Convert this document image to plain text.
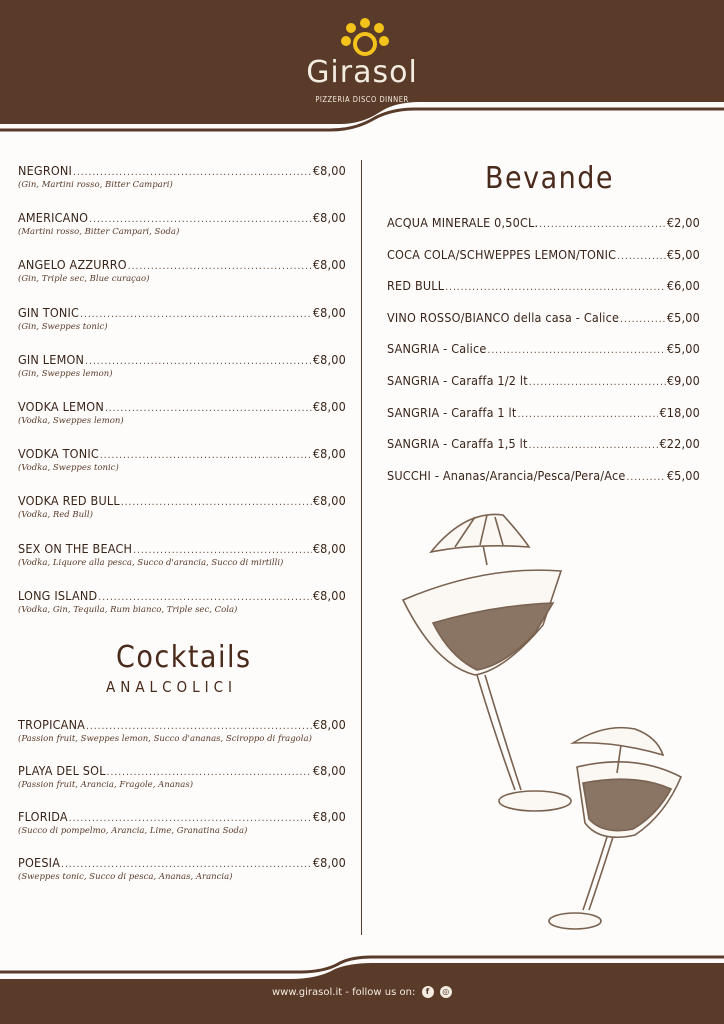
Girasol
PIZZERIA DISCO DINNER
NEGRONI .....	€8,00
(Gin, Martini rosso, Bitter Campari)
AMERICANO .....	€8,00
(Martini rosso, Bitter Campari, Soda)
ANGELO AZZURRO .....	€8,00
(Gin, Triple sec, Blue curaçao)
GIN TONIC .....	€8,00
(Gin, Sweppes tonic)
GIN LEMON .....	€8,00
(Gin, Sweppes lemon)
VODKA LEMON .....	€8,00
(Vodka, Sweppes lemon)
VODKA TONIC .....	€8,00
(Vodka, Sweppes tonic)
VODKA RED BULL .....	€8,00
(Vodka, Red Bull)
SEX ON THE BEACH .....	€8,00
(Vodka, Liquore alla pesca, Succo d'arancia, Succo di mirtilli)
LONG ISLAND .....	€8,00
(Vodka, Gin, Tequila, Rum bianco, Triple sec, Cola)
Cocktails
ANALCOLICI
TROPICANA .....	€8,00
(Passion fruit, Sweppes lemon, Succo d'ananas, Sciroppo di fragola)
PLAYA DEL SOL .....	€8,00
(Passion fruit, Arancia, Fragole, Ananas)
FLORIDA .....	€8,00
(Succo di pompelmo, Arancia, Lime, Granatina Soda)
POESIA .....	€8,00
(Sweppes tonic, Succo di pesca, Ananas, Arancia)
Bevande
ACQUA MINERALE 0,50CL. .....	€2,00
COCA COLA/SCHWEPPES LEMON/TONIC .....	€5,00
RED BULL .....	€6,00
VINO ROSSO/BIANCO della casa - Calice .....	€5,00
SANGRIA - Calice .....	€5,00
SANGRIA - Caraffa 1/2 lt .....	€9,00
SANGRIA - Caraffa 1 lt .....	€18,00
SANGRIA - Caraffa 1,5 lt .....	€22,00
SUCCHI - Ananas/Arancia/Pesca/Pera/Ace .....	€5,00
www.girasol.it - follow us on: f ◎
